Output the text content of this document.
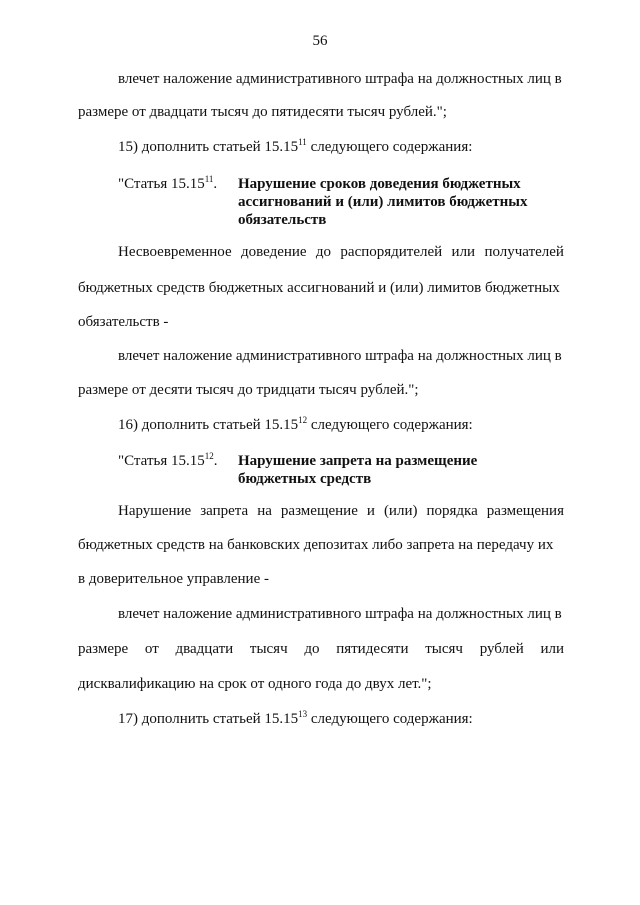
56
влечет наложение административного штрафа на должностных лиц в
размере от двадцати тысяч до пятидесяти тысяч рублей.";
15) дополнить статьей 15.15$^{11}$ следующего содержания:
"Статья 15.15$^{11}$. Нарушение сроков доведения бюджетных
ассигнований и (или) лимитов бюджетных
обязательств
Несвоевременное доведение до распорядителей или получателей
бюджетных средств бюджетных ассигнований и (или) лимитов бюджетных
обязательств -
влечет наложение административного штрафа на должностных лиц в
размере от десяти тысяч до тридцати тысяч рублей.";
16) дополнить статьей 15.15$^{12}$ следующего содержания:
"Статья 15.15$^{12}$. Нарушение запрета на размещение
бюджетных средств
Нарушение запрета на размещение и (или) порядка размещения
бюджетных средств на банковских депозитах либо запрета на передачу их
в доверительное управление -
влечет наложение административного штрафа на должностных лиц в
размере от двадцати тысяч до пятидесяти тысяч рублей или
дисквалификацию на срок от одного года до двух лет.";
17) дополнить статьей 15.15$^{13}$ следующего содержания:
